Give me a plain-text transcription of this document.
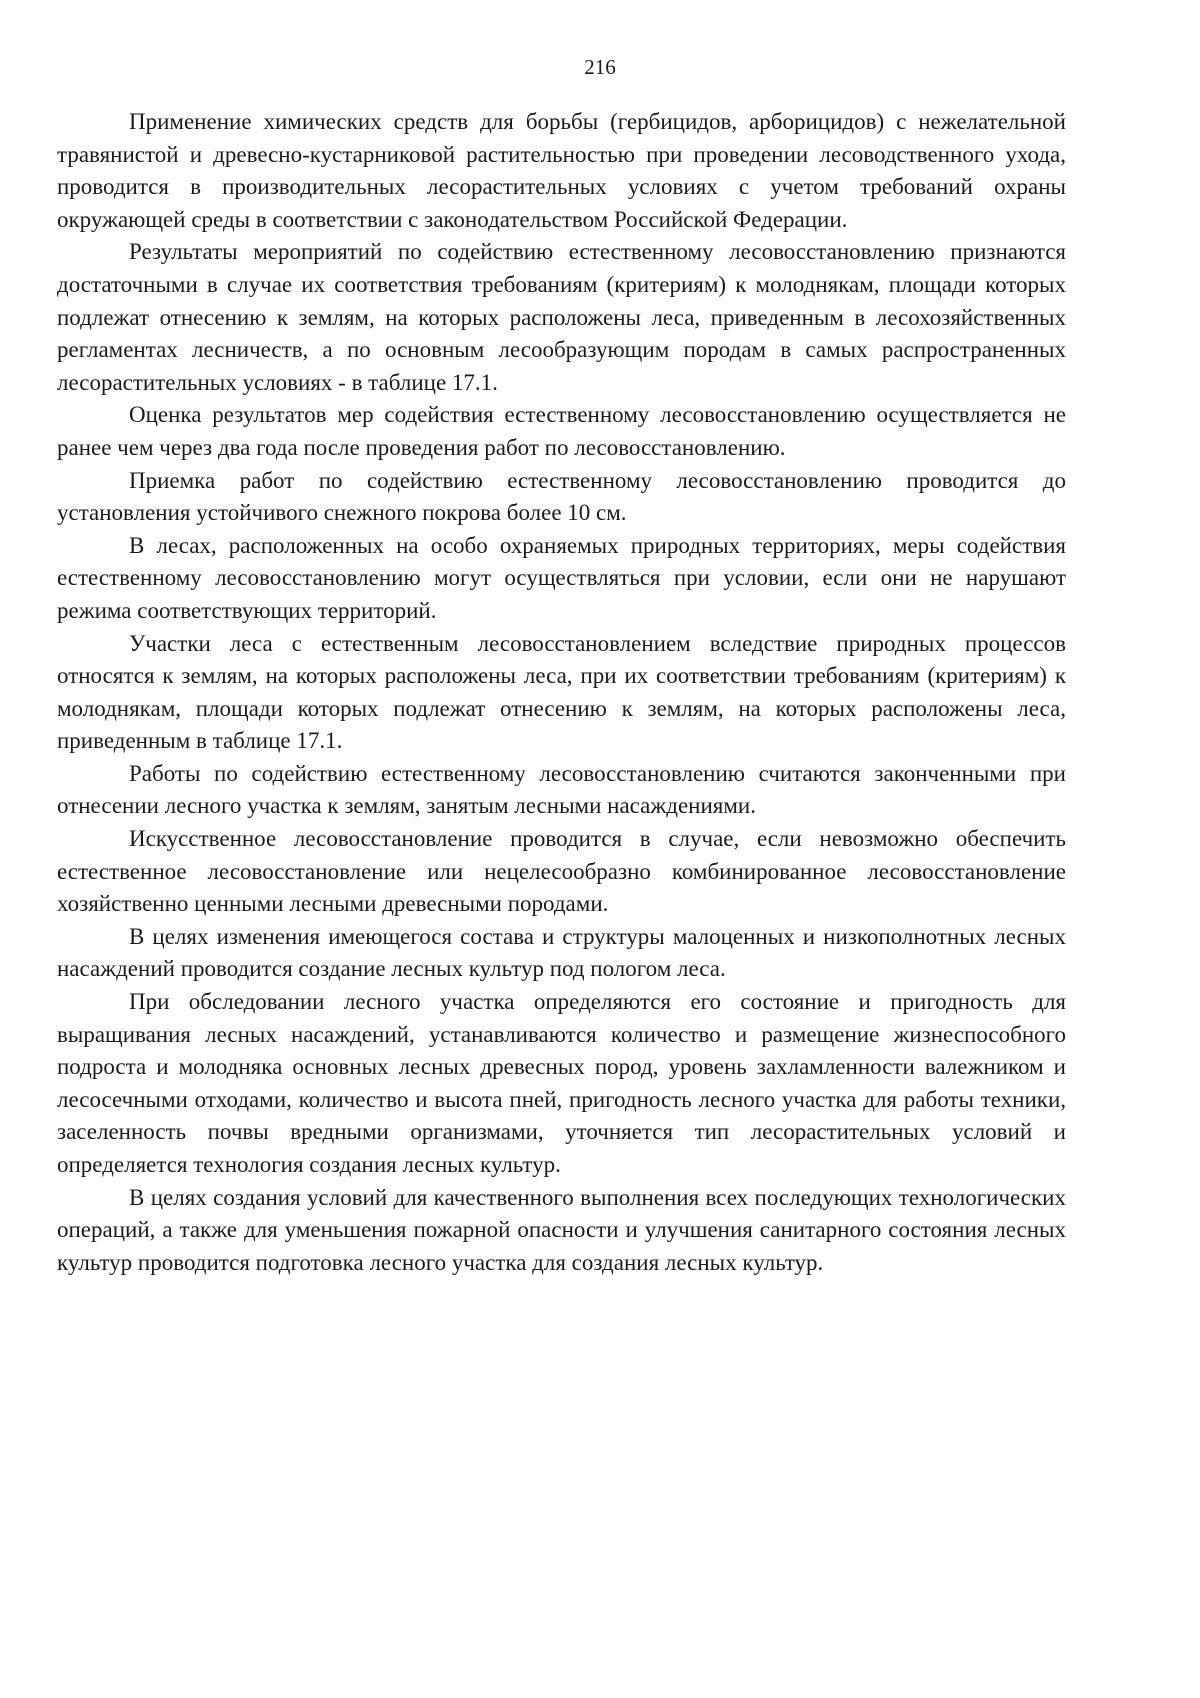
216

Применение химических средств для борьбы (гербицидов, арборицидов) с нежелательной травянистой и древесно-кустарниковой растительностью при проведении лесоводственного ухода, проводится в производительных лесорастительных условиях с учетом требований охраны окружающей среды в соответствии с законодательством Российской Федерации.

Результаты мероприятий по содействию естественному лесовосстановлению признаются достаточными в случае их соответствия требованиям (критериям) к молоднякам, площади которых подлежат отнесению к землям, на которых расположены леса, приведенным в лесохозяйственных регламентах лесничеств, а по основным лесообразующим породам в самых распространенных лесорастительных условиях - в таблице 17.1.

Оценка результатов мер содействия естественному лесовосстановлению осуществляется не ранее чем через два года после проведения работ по лесовосстановлению.

Приемка работ по содействию естественному лесовосстановлению проводится до установления устойчивого снежного покрова более 10 см.

В лесах, расположенных на особо охраняемых природных территориях, меры содействия естественному лесовосстановлению могут осуществляться при условии, если они не нарушают режима соответствующих территорий.

Участки леса с естественным лесовосстановлением вследствие природных процессов относятся к землям, на которых расположены леса, при их соответствии требованиям (критериям) к молоднякам, площади которых подлежат отнесению к землям, на которых расположены леса, приведенным в таблице 17.1.

Работы по содействию естественному лесовосстановлению считаются законченными при отнесении лесного участка к землям, занятым лесными насаждениями.

Искусственное лесовосстановление проводится в случае, если невозможно обеспечить естественное лесовосстановление или нецелесообразно комбинированное лесовосстановление хозяйственно ценными лесными древесными породами.

В целях изменения имеющегося состава и структуры малоценных и низкополнотных лесных насаждений проводится создание лесных культур под пологом леса.

При обследовании лесного участка определяются его состояние и пригодность для выращивания лесных насаждений, устанавливаются количество и размещение жизнеспособного подроста и молодняка основных лесных древесных пород, уровень захламленности валежником и лесосечными отходами, количество и высота пней, пригодность лесного участка для работы техники, заселенность почвы вредными организмами, уточняется тип лесорастительных условий и определяется технология создания лесных культур.

В целях создания условий для качественного выполнения всех последующих технологических операций, а также для уменьшения пожарной опасности и улучшения санитарного состояния лесных культур проводится подготовка лесного участка для создания лесных культур.
